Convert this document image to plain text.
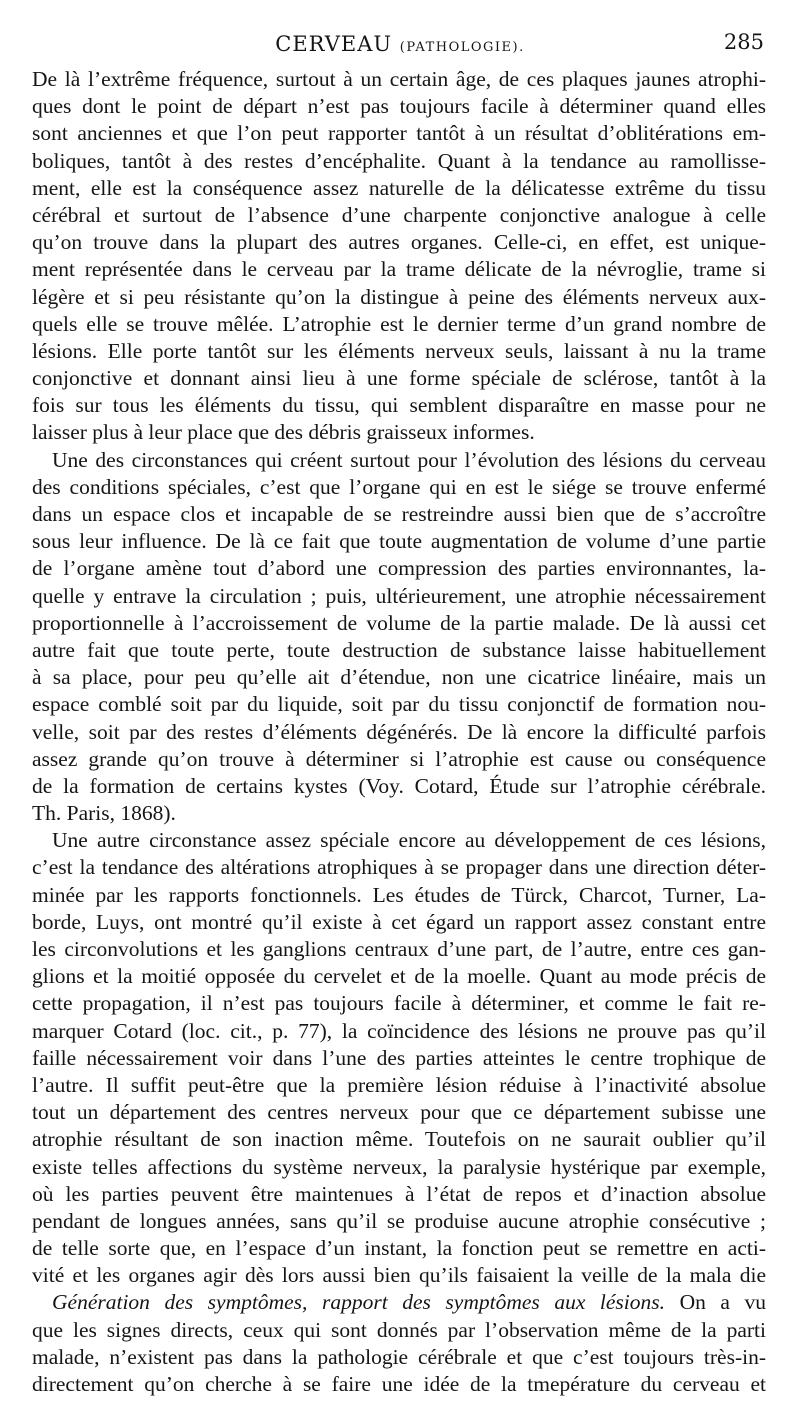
CERVEAU (PATHOLOGIE).	285
De là l’extrême fréquence, surtout à un certain âge, de ces plaques jaunes atrophi-
ques dont le point de départ n’est pas toujours facile à déterminer quand elles
sont anciennes et que l’on peut rapporter tantôt à un résultat d’oblitérations em-
boliques, tantôt à des restes d’encéphalite. Quant à la tendance au ramollisse-
ment, elle est la conséquence assez naturelle de la délicatesse extrême du tissu
cérébral et surtout de l’absence d’une charpente conjonctive analogue à celle
qu’on trouve dans la plupart des autres organes. Celle-ci, en effet, est unique-
ment représentée dans le cerveau par la trame délicate de la névroglie, trame si
légère et si peu résistante qu’on la distingue à peine des éléments nerveux aux-
quels elle se trouve mêlée. L’atrophie est le dernier terme d’un grand nombre de
lésions. Elle porte tantôt sur les éléments nerveux seuls, laissant à nu la trame
conjonctive et donnant ainsi lieu à une forme spéciale de sclérose, tantôt à la
fois sur tous les éléments du tissu, qui semblent disparaître en masse pour ne
laisser plus à leur place que des débris graisseux informes.
Une des circonstances qui créent surtout pour l’évolution des lésions du cerveau
des conditions spéciales, c’est que l’organe qui en est le siége se trouve enfermé
dans un espace clos et incapable de se restreindre aussi bien que de s’accroître
sous leur influence. De là ce fait que toute augmentation de volume d’une partie
de l’organe amène tout d’abord une compression des parties environnantes, la-
quelle y entrave la circulation ; puis, ultérieurement, une atrophie nécessairement
proportionnelle à l’accroissement de volume de la partie malade. De là aussi cet
autre fait que toute perte, toute destruction de substance laisse habituellement
à sa place, pour peu qu’elle ait d’étendue, non une cicatrice linéaire, mais un
espace comblé soit par du liquide, soit par du tissu conjonctif de formation nou-
velle, soit par des restes d’éléments dégénérés. De là encore la difficulté parfois
assez grande qu’on trouve à déterminer si l’atrophie est cause ou conséquence
de la formation de certains kystes (Voy. Cotard, Étude sur l’atrophie cérébrale.
Th. Paris, 1868).
Une autre circonstance assez spéciale encore au développement de ces lésions,
c’est la tendance des altérations atrophiques à se propager dans une direction déter-
minée par les rapports fonctionnels. Les études de Türck, Charcot, Turner, La-
borde, Luys, ont montré qu’il existe à cet égard un rapport assez constant entre
les circonvolutions et les ganglions centraux d’une part, de l’autre, entre ces gan-
glions et la moitié opposée du cervelet et de la moelle. Quant au mode précis de
cette propagation, il n’est pas toujours facile à déterminer, et comme le fait re-
marquer Cotard (loc. cit., p. 77), la coïncidence des lésions ne prouve pas qu’il
faille nécessairement voir dans l’une des parties atteintes le centre trophique de
l’autre. Il suffit peut-être que la première lésion réduise à l’inactivité absolue
tout un département des centres nerveux pour que ce département subisse une
atrophie résultant de son inaction même. Toutefois on ne saurait oublier qu’il
existe telles affections du système nerveux, la paralysie hystérique par exemple,
où les parties peuvent être maintenues à l’état de repos et d’inaction absolue
pendant de longues années, sans qu’il se produise aucune atrophie consécutive ;
de telle sorte que, en l’espace d’un instant, la fonction peut se remettre en acti-
vité et les organes agir dès lors aussi bien qu’ils faisaient la veille de la mala die
Génération des symptômes, rapport des symptômes aux lésions. On a vu
que les signes directs, ceux qui sont donnés par l’observation même de la parti
malade, n’existent pas dans la pathologie cérébrale et que c’est toujours très-in-
directement qu’on cherche à se faire une idée de la tmepérature du cerveau et
